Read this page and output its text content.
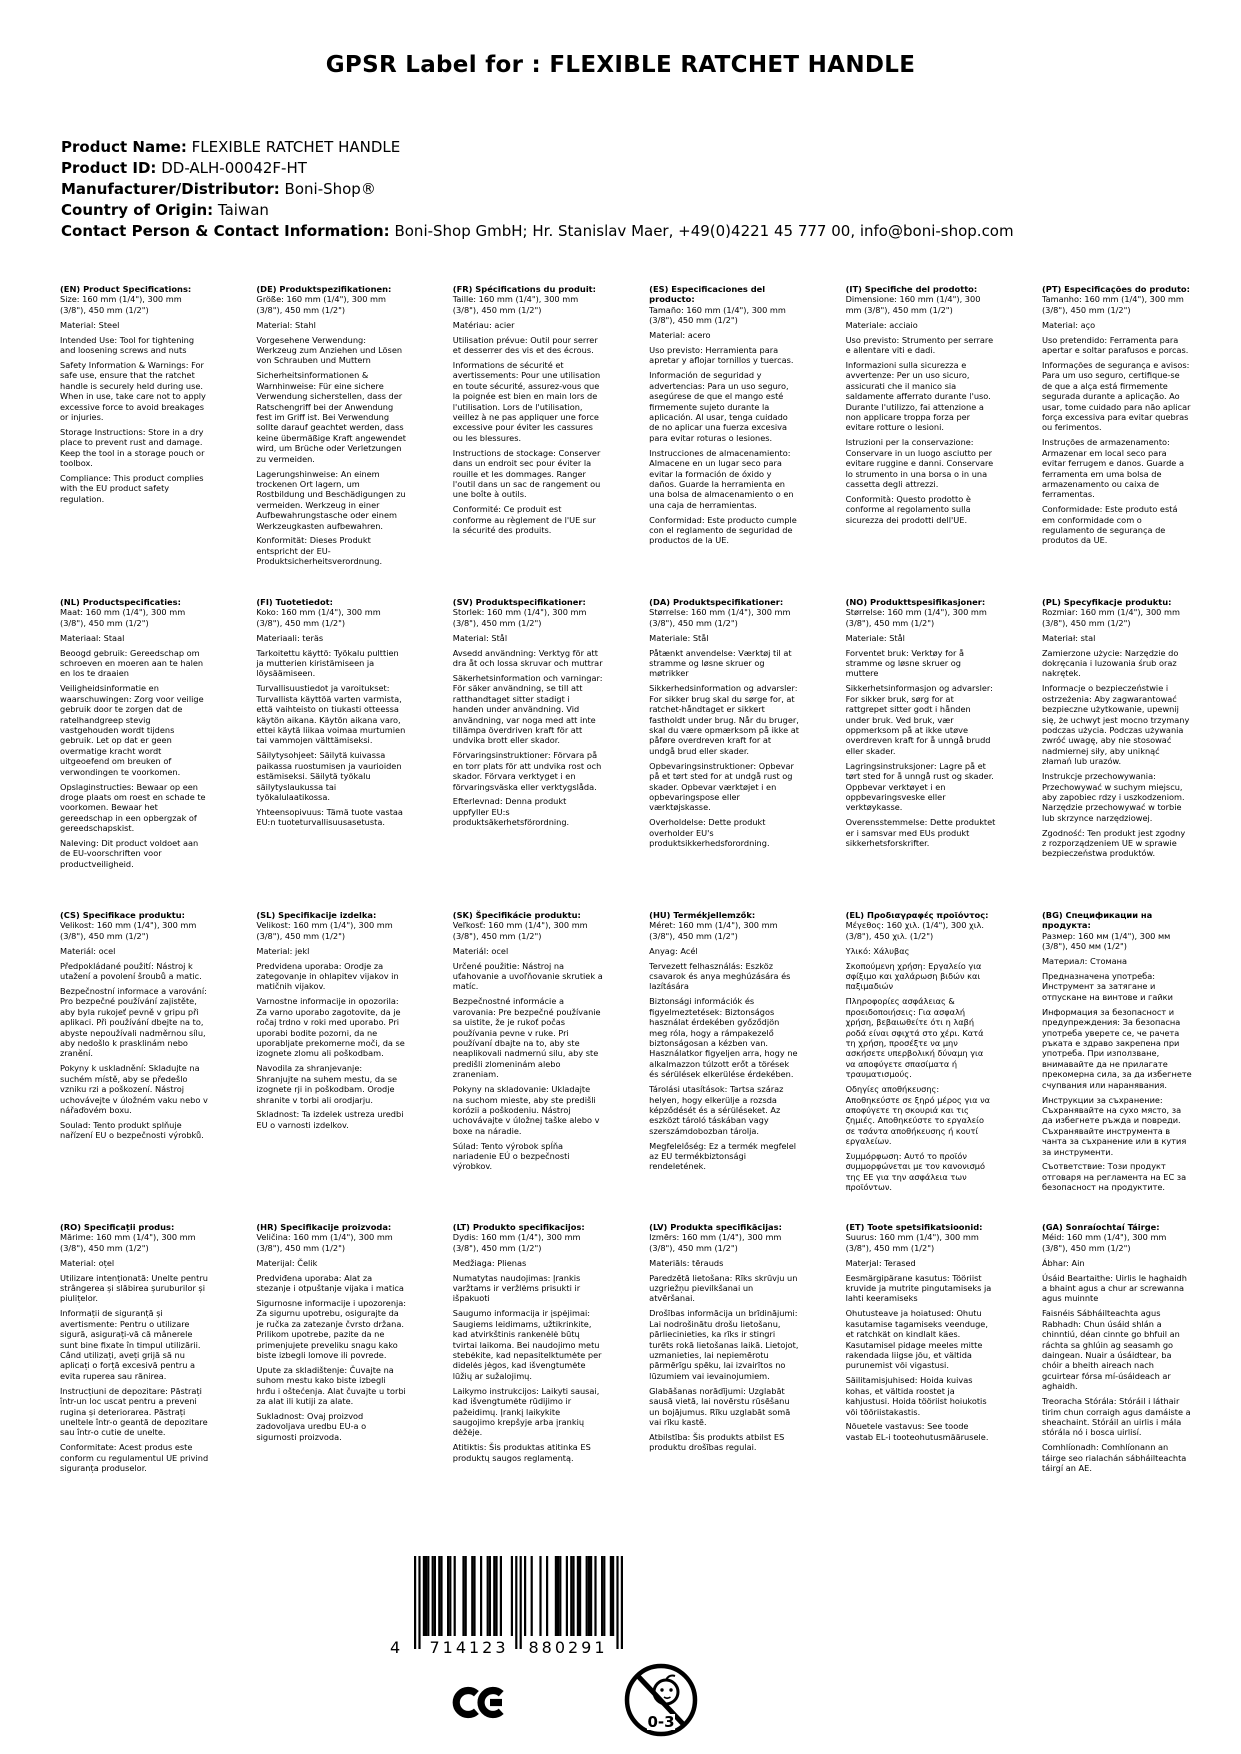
GPSR Label for : FLEXIBLE RATCHET HANDLE
Product Name: FLEXIBLE RATCHET HANDLE
Product ID: DD-ALH-00042F-HT
Manufacturer/Distributor: Boni-Shop®
Country of Origin: Taiwan
Contact Person & Contact Information: Boni-Shop GmbH; Hr. Stanislav Maer, +49(0)4221 45 777 00, info@boni-shop.com
(EN) Product Specifications:

Size: 160 mm (1/4"), 300 mm (3/8"), 450 mm (1/2")

Material: Steel

Intended Use: Tool for tightening and loosening screws and nuts

Safety Information & Warnings: For safe use, ensure that the ratchet handle is securely held during use. When in use, take care not to apply excessive force to avoid breakages or injuries.

Storage Instructions: Store in a dry place to prevent rust and damage. Keep the tool in a storage pouch or toolbox.

Compliance: This product complies with the EU product safety regulation.

(DE) Produktspezifikationen:

Größe: 160 mm (1/4"), 300 mm (3/8"), 450 mm (1/2")

Material: Stahl

Vorgesehene Verwendung: Werkzeug zum Anziehen und Lösen von Schrauben und Muttern

Sicherheitsinformationen & Warnhinweise: Für eine sichere Verwendung sicherstellen, dass der Ratschengriff bei der Anwendung fest im Griff ist. Bei Verwendung sollte darauf geachtet werden, dass keine übermäßige Kraft angewendet wird, um Brüche oder Verletzungen zu vermeiden.

Lagerungshinweise: An einem trockenen Ort lagern, um Rostbildung und Beschädigungen zu vermeiden. Werkzeug in einer Aufbewahrungstasche oder einem Werkzeugkasten aufbewahren.

Konformität: Dieses Produkt entspricht der EU-Produktsicherheitsverordnung.

(FR) Spécifications du produit:

Taille: 160 mm (1/4"), 300 mm (3/8"), 450 mm (1/2")

Matériau: acier

Utilisation prévue: Outil pour serrer et desserrer des vis et des écrous.

Informations de sécurité et avertissements: Pour une utilisation en toute sécurité, assurez-vous que la poignée est bien en main lors de l'utilisation. Lors de l'utilisation, veillez à ne pas appliquer une force excessive pour éviter les cassures ou les blessures.

Instructions de stockage: Conserver dans un endroit sec pour éviter la rouille et les dommages. Ranger l'outil dans un sac de rangement ou une boîte à outils.

Conformité: Ce produit est conforme au règlement de l'UE sur la sécurité des produits.

(ES) Especificaciones del producto:

Tamaño: 160 mm (1/4"), 300 mm (3/8"), 450 mm (1/2")

Material: acero

Uso previsto: Herramienta para apretar y aflojar tornillos y tuercas.

Información de seguridad y advertencias: Para un uso seguro, asegúrese de que el mango esté firmemente sujeto durante la aplicación. Al usar, tenga cuidado de no aplicar una fuerza excesiva para evitar roturas o lesiones.

Instrucciones de almacenamiento: Almacene en un lugar seco para evitar la formación de óxido y daños. Guarde la herramienta en una bolsa de almacenamiento o en una caja de herramientas.

Conformidad: Este producto cumple con el reglamento de seguridad de productos de la UE.

(IT) Specifiche del prodotto:

Dimensione: 160 mm (1/4"), 300 mm (3/8"), 450 mm (1/2")

Materiale: acciaio

Uso previsto: Strumento per serrare e allentare viti e dadi.

Informazioni sulla sicurezza e avvertenze: Per un uso sicuro, assicurati che il manico sia saldamente afferrato durante l'uso. Durante l'utilizzo, fai attenzione a non applicare troppa forza per evitare rotture o lesioni.

Istruzioni per la conservazione: Conservare in un luogo asciutto per evitare ruggine e danni. Conservare lo strumento in una borsa o in una cassetta degli attrezzi.

Conformità: Questo prodotto è conforme al regolamento sulla sicurezza dei prodotti dell'UE.

(PT) Especificações do produto:

Tamanho: 160 mm (1/4"), 300 mm (3/8"), 450 mm (1/2")

Material: aço

Uso pretendido: Ferramenta para apertar e soltar parafusos e porcas.

Informações de segurança e avisos: Para um uso seguro, certifique-se de que a alça está firmemente segurada durante a aplicação. Ao usar, tome cuidado para não aplicar força excessiva para evitar quebras ou ferimentos.

Instruções de armazenamento: Armazenar em local seco para evitar ferrugem e danos. Guarde a ferramenta em uma bolsa de armazenamento ou caixa de ferramentas.

Conformidade: Este produto está em conformidade com o regulamento de segurança de produtos da UE.

(NL) Productspecificaties:

Maat: 160 mm (1/4"), 300 mm (3/8"), 450 mm (1/2")

Materiaal: Staal

Beoogd gebruik: Gereedschap om schroeven en moeren aan te halen en los te draaien

Veiligheidsinformatie en waarschuwingen: Zorg voor veilige gebruik door te zorgen dat de ratelhandgreep stevig vastgehouden wordt tijdens gebruik. Let op dat er geen overmatige kracht wordt uitgeoefend om breuken of verwondingen te voorkomen.

Opslaginstructies: Bewaar op een droge plaats om roest en schade te voorkomen. Bewaar het gereedschap in een opbergzak of gereedschapskist.

Naleving: Dit product voldoet aan de EU-voorschriften voor productveiligheid.

(FI) Tuotetiedot:

Koko: 160 mm (1/4"), 300 mm (3/8"), 450 mm (1/2")

Materiaali: teräs

Tarkoitettu käyttö: Työkalu pulttien ja mutterien kiristämiseen ja löysäämiseen.

Turvallisuustiedot ja varoitukset: Turvallista käyttöä varten varmista, että vaihteisto on tiukasti otteessa käytön aikana. Käytön aikana varo, ettei käytä liikaa voimaa murtumien tai vammojen välttämiseksi.

Säilytysohjeet: Säilytä kuivassa paikassa ruostumisen ja vaurioiden estämiseksi. Säilytä työkalu säilytyslaukussa tai työkalulaatikossa.

Yhteensopivuus: Tämä tuote vastaa EU:n tuoteturvallisuusasetusta.

(SV) Produktspecifikationer:

Storlek: 160 mm (1/4"), 300 mm (3/8"), 450 mm (1/2")

Material: Stål

Avsedd användning: Verktyg för att dra åt och lossa skruvar och muttrar

Säkerhetsinformation och varningar: För säker användning, se till att ratthandtaget sitter stadigt i handen under användning. Vid användning, var noga med att inte tillämpa överdriven kraft för att undvika brott eller skador.

Förvaringsinstruktioner: Förvara på en torr plats för att undvika rost och skador. Förvara verktyget i en förvaringsväska eller verktygslåda.

Efterlevnad: Denna produkt uppfyller EU:s produktsäkerhetsförordning.

(DA) Produktspecifikationer:

Størrelse: 160 mm (1/4"), 300 mm (3/8"), 450 mm (1/2")

Materiale: Stål

Påtænkt anvendelse: Værktøj til at stramme og løsne skruer og møtrikker

Sikkerhedsinformation og advarsler: For sikker brug skal du sørge for, at ratchet-håndtaget er sikkert fastholdt under brug. Når du bruger, skal du være opmærksom på ikke at påføre overdreven kraft for at undgå brud eller skader.

Opbevaringsinstruktioner: Opbevar på et tørt sted for at undgå rust og skader. Opbevar værktøjet i en opbevaringspose eller værktøjskasse.

Overholdelse: Dette produkt overholder EU's produktsikkerhedsforordning.

(NO) Produkttspesifikasjoner:

Størrelse: 160 mm (1/4"), 300 mm (3/8"), 450 mm (1/2")

Materiale: Stål

Forventet bruk: Verktøy for å stramme og løsne skruer og muttere

Sikkerhetsinformasjon og advarsler: For sikker bruk, sørg for at rattgrepet sitter godt i hånden under bruk. Ved bruk, vær oppmerksom på at ikke utøve overdreven kraft for å unngå brudd eller skader.

Lagringsinstruksjoner: Lagre på et tørt sted for å unngå rust og skader. Oppbevar verktøyet i en oppbevaringsveske eller verktøykasse.

Overensstemmelse: Dette produktet er i samsvar med EUs produkt sikkerhetsforskrifter.

(PL) Specyfikacje produktu:

Rozmiar: 160 mm (1/4"), 300 mm (3/8"), 450 mm (1/2")

Materiał: stal

Zamierzone użycie: Narzędzie do dokręcania i luzowania śrub oraz nakrętek.

Informacje o bezpieczeństwie i ostrzeżenia: Aby zagwarantować bezpieczne użytkowanie, upewnij się, że uchwyt jest mocno trzymany podczas użycia. Podczas używania zwróć uwagę, aby nie stosować nadmiernej siły, aby uniknąć złamań lub urazów.

Instrukcje przechowywania: Przechowywać w suchym miejscu, aby zapobiec rdzy i uszkodzeniom. Narzędzie przechowywać w torbie lub skrzynce narzędziowej.

Zgodność: Ten produkt jest zgodny z rozporządzeniem UE w sprawie bezpieczeństwa produktów.

(CS) Specifikace produktu:

Velikost: 160 mm (1/4"), 300 mm (3/8"), 450 mm (1/2")

Materiál: ocel

Předpokládané použití: Nástroj k utažení a povolení šroubů a matic.

Bezpečnostní informace a varování: Pro bezpečné používání zajistěte, aby byla rukojeť pevně v gripu při aplikaci. Při používání dbejte na to, abyste nepoužívali nadměrnou sílu, aby nedošlo k prasklinám nebo zranění.

Pokyny k uskladnění: Skladujte na suchém místě, aby se předešlo vzniku rzi a poškození. Nástroj uchovávejte v úložném vaku nebo v nářaďovém boxu.

Soulad: Tento produkt splňuje nařízení EU o bezpečnosti výrobků.

(SL) Specifikacije izdelka:

Velikost: 160 mm (1/4"), 300 mm (3/8"), 450 mm (1/2")

Material: jekl

Predvidena uporaba: Orodje za zategovanje in ohlapitev vijakov in matičnih vijakov.

Varnostne informacije in opozorila: Za varno uporabo zagotovite, da je ročaj trdno v roki med uporabo. Pri uporabi bodite pozorni, da ne uporabljate prekomerne moči, da se izognete zlomu ali poškodbam.

Navodila za shranjevanje: Shranjujte na suhem mestu, da se izognete rji in poškodbam. Orodje shranite v torbi ali orodjarju.

Skladnost: Ta izdelek ustreza uredbi EU o varnosti izdelkov.

(SK) Špecifikácie produktu:

Veľkosť: 160 mm (1/4"), 300 mm (3/8"), 450 mm (1/2")

Materiál: ocel

Určené použitie: Nástroj na uťahovanie a uvoľňovanie skrutiek a matíc.

Bezpečnostné informácie a varovania: Pre bezpečné používanie sa uistite, že je rukoť počas používania pevne v ruke. Pri používaní dbajte na to, aby ste neaplikovali nadmernú silu, aby ste predišli zlomeninám alebo zraneniam.

Pokyny na skladovanie: Ukladajte na suchom mieste, aby ste predišli korózii a poškodeniu. Nástroj uchovávajte v úložnej taške alebo v boxe na náradie.

Súlad: Tento výrobok spĺňa nariadenie EÚ o bezpečnosti výrobkov.

(HU) Termékjellemzők:

Méret: 160 mm (1/4"), 300 mm (3/8"), 450 mm (1/2")

Anyag: Acél

Tervezett felhasználás: Eszköz csavarok és anya meghúzására és lazítására

Biztonsági információk és figyelmeztetések: Biztonságos használat érdekében győződjön meg róla, hogy a rámpakezelő biztonságosan a kézben van. Használatkor figyeljen arra, hogy ne alkalmazzon túlzott erőt a törések és sérülések elkerülése érdekében.

Tárolási utasítások: Tartsa száraz helyen, hogy elkerülje a rozsda képződését és a sérüléseket. Az eszközt tároló táskában vagy szerszámdobozban tárolja.

Megfelelőség: Ez a termék megfelel az EU termékbiztonsági rendeletének.

(EL) Προδιαγραφές προϊόντος:

Μέγεθος: 160 χιλ. (1/4"), 300 χιλ. (3/8"), 450 χιλ. (1/2")

Υλικό: Χάλυβας

Σκοπούμενη χρήση: Εργαλείο για σφίξιμο και χαλάρωση βιδών και παξιμαδιών

Πληροφορίες ασφάλειας & προειδοποιήσεις: Για ασφαλή χρήση, βεβαιωθείτε ότι η λαβή ροδά είναι σφιχτά στο χέρι. Κατά τη χρήση, προσέξτε να μην ασκήσετε υπερβολική δύναμη για να αποφύγετε σπασίματα ή τραυματισμούς.

Οδηγίες αποθήκευσης: Αποθηκεύστε σε ξηρό μέρος για να αποφύγετε τη σκουριά και τις ζημιές. Αποθηκεύστε το εργαλείο σε τσάντα αποθήκευσης ή κουτί εργαλείων.

Συμμόρφωση: Αυτό το προϊόν συμμορφώνεται με τον κανονισμό της ΕΕ για την ασφάλεια των προϊόντων.

(BG) Спецификации на продукта:

Размер: 160 мм (1/4"), 300 мм (3/8"), 450 мм (1/2")

Материал: Стомана

Предназначена употреба: Инструмент за затягане и отпускане на винтове и гайки

Информация за безопасност и предупреждения: За безопасна употреба уверете се, че рачета ръката е здраво закрепена при употреба. При използване, внимавайте да не прилагате прекомерна сила, за да избегнете счупвания или наранявания.

Инструкции за съхранение: Съхранявайте на сухо място, за да избегнете ръжда и повреди. Съхранявайте инструмента в чанта за съхранение или в кутия за инструменти.

Съответствие: Този продукт отговаря на регламента на ЕС за безопасност на продуктите.

(RO) Specificații produs:

Mărime: 160 mm (1/4"), 300 mm (3/8"), 450 mm (1/2")

Material: oțel

Utilizare intenționată: Unelte pentru strângerea și slăbirea șuruburilor și piulițelor.

Informații de siguranță și avertismente: Pentru o utilizare sigură, asigurați-vă că mânerele sunt bine fixate în timpul utilizării. Când utilizați, aveți grijă să nu aplicați o forță excesivă pentru a evita ruperea sau rănirea.

Instrucțiuni de depozitare: Păstrați într-un loc uscat pentru a preveni rugina și deteriorarea. Păstrați uneltele într-o geantă de depozitare sau într-o cutie de unelte.

Conformitate: Acest produs este conform cu regulamentul UE privind siguranța produselor.

(HR) Specifikacije proizvoda:

Veličina: 160 mm (1/4"), 300 mm (3/8"), 450 mm (1/2")

Materijal: Čelik

Predviđena uporaba: Alat za stezanje i otpuštanje vijaka i matica

Sigurnosne informacije i upozorenja: Za sigurnu upotrebu, osigurajte da je ručka za zatezanje čvrsto držana. Prilikom upotrebe, pazite da ne primenjujete preveliku snagu kako biste izbegli lomove ili povrede.

Upute za skladištenje: Čuvajte na suhom mestu kako biste izbegli hrđu i oštećenja. Alat čuvajte u torbi za alat ili kutiji za alate.

Sukladnost: Ovaj proizvod zadovoljava uredbu EU-a o sigurnosti proizvoda.

(LT) Produkto specifikacijos:

Dydis: 160 mm (1/4"), 300 mm (3/8"), 450 mm (1/2")

Medžiaga: Plienas

Numatytas naudojimas: Įrankis varžtams ir veržlėms prisukti ir išpakuoti

Saugumo informacija ir įspėjimai: Saugiems leidimams, užtikrinkite, kad atvirkštinis rankenėlė būtų tvirtai laikoma. Bei naudojimo metu stebėkite, kad nepasitelktumėte per didelės jėgos, kad išvengtumėte lūžių ar sužalojimų.

Laikymo instrukcijos: Laikyti sausai, kad išvengtumėte rūdijimo ir pažeidimų. Įrankį laikykite saugojimo krepšyje arba įrankių dėžėje.

Atitiktis: Šis produktas atitinka ES produktų saugos reglamentą.

(LV) Produkta specifikācijas:

Izmērs: 160 mm (1/4"), 300 mm (3/8"), 450 mm (1/2")

Materiāls: tērauds

Paredzētā lietošana: Rīks skrūvju un uzgriežņu pievilkšanai un atvēršanai.

Drošības informācija un brīdinājumi: Lai nodrošinātu drošu lietošanu, pārliecinieties, ka rīks ir stingri turēts rokā lietošanas laikā. Lietojot, uzmanieties, lai nepiemērotu pārmērīgu spēku, lai izvairītos no lūzumiem vai ievainojumiem.

Glabāšanas norādījumi: Uzglabāt sausā vietā, lai novērstu rūsēšanu un bojājumus. Rīku uzglabāt somā vai rīku kastē.

Atbilstība: Šis produkts atbilst ES produktu drošības regulai.

(ET) Toote spetsifikatsioonid:

Suurus: 160 mm (1/4"), 300 mm (3/8"), 450 mm (1/2")

Materjal: Terased

Eesmärgipärane kasutus: Tööriist kruvide ja mutrite pingutamiseks ja lahti keeramiseks

Ohutusteave ja hoiatused: Ohutu kasutamise tagamiseks veenduge, et ratchkät on kindlalt käes. Kasutamisel pidage meeles mitte rakendada liigse jõu, et vältida purunemist või vigastusi.

Säilitamisjuhised: Hoida kuivas kohas, et vältida roostet ja kahjustusi. Hoida tööriist hoiukotis või tööriistakastis.

Nõuetele vastavus: See toode vastab EL-i tooteohutusmäärusele.

(GA) Sonraíochtaí Táirge:

Méid: 160 mm (1/4"), 300 mm (3/8"), 450 mm (1/2")

Ábhar: Ain

Úsáid Beartaithe: Uirlis le haghaidh a bhaint agus a chur ar screwanna agus muinnte

Faisnéis Sábháilteachta agus Rabhadh: Chun úsáid shlán a chinntiú, déan cinnte go bhfuil an ráchta sa ghlúin ag seasamh go daingean. Nuair a úsáidtear, ba chóir a bheith aireach nach gcuirtear fórsa mí-úsáideach ar aghaidh.

Treoracha Stórála: Stóráil i láthair tirim chun corraigh agus damáiste a sheachaint. Stóráil an uirlis i mála stórála nó i bosca uirlisí.

Comhlíonadh: Comhlíonann an táirge seo rialachán sábháilteachta táirgí an AE.

4	714123	880291
0-3
